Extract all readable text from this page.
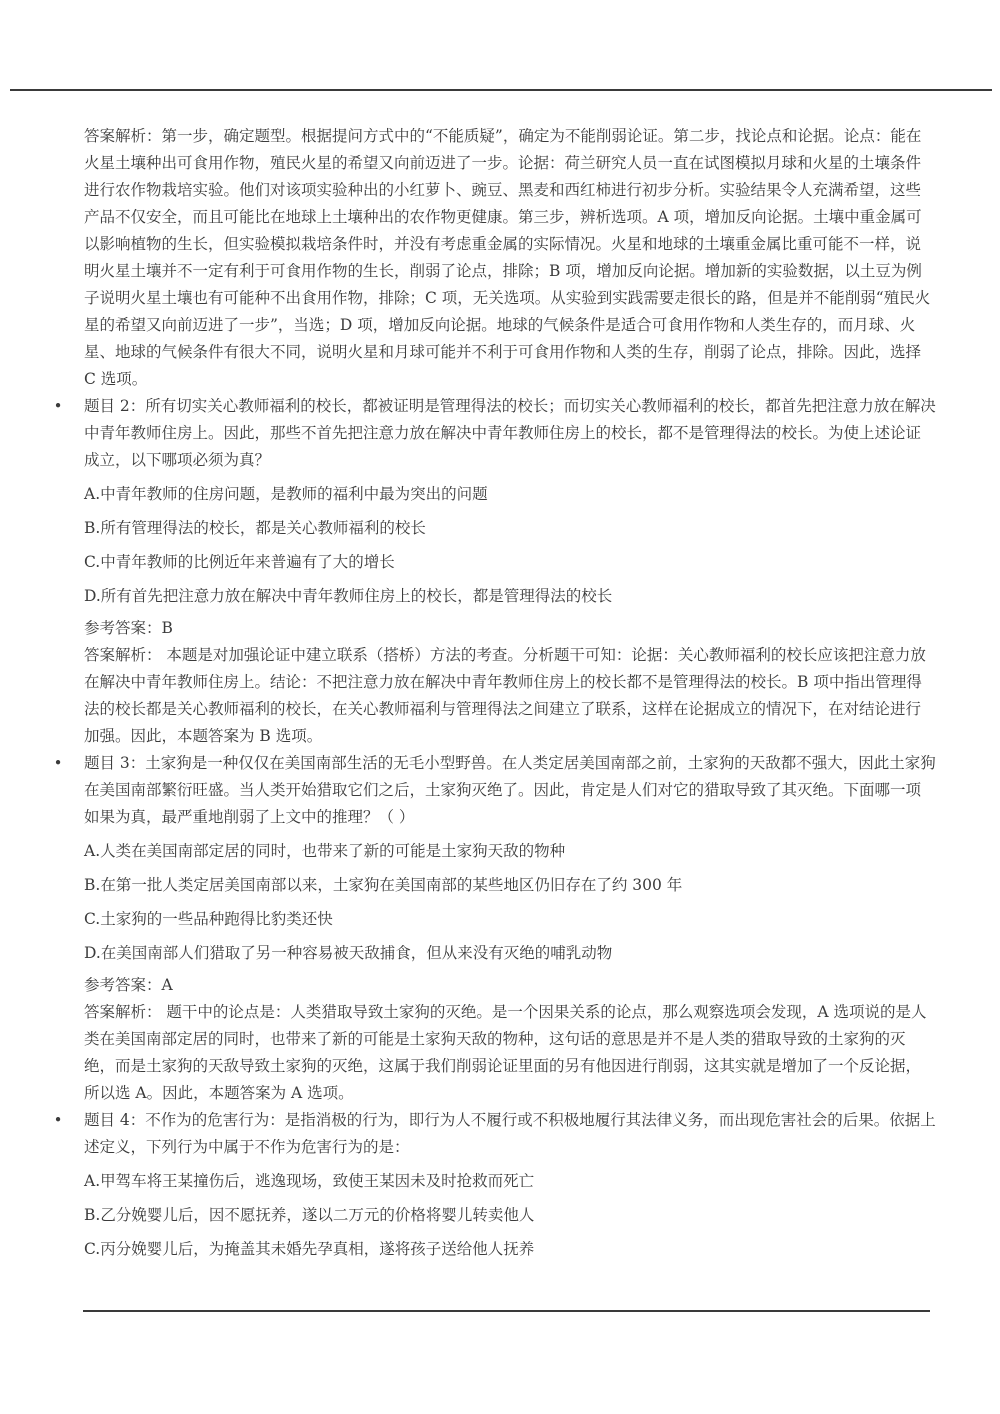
答案解析：第一步，确定题型。根据提问方式中的“不能质疑”，确定为不能削弱论证。第二步，找论点和论据。论点：能在火星土壤种出可食用作物，殖民火星的希望又向前迈进了一步。论据：荷兰研究人员一直在试图模拟月球和火星的土壤条件进行农作物栽培实验。他们对该项实验种出的小红萝卜、豌豆、黑麦和西红柿进行初步分析。实验结果令人充满希望，这些产品不仅安全，而且可能比在地球上土壤种出的农作物更健康。第三步，辨析选项。A 项，增加反向论据。土壤中重金属可以影响植物的生长，但实验模拟栽培条件时，并没有考虑重金属的实际情况。火星和地球的土壤重金属比重可能不一样，说明火星土壤并不一定有利于可食用作物的生长，削弱了论点，排除；B 项，增加反向论据。增加新的实验数据，以土豆为例子说明火星土壤也有可能种不出食用作物，排除；C 项，无关选项。从实验到实践需要走很长的路，但是并不能削弱“殖民火星的希望又向前迈进了一步”，当选；D 项，增加反向论据。地球的气候条件是适合可食用作物和人类生存的，而月球、火星、地球的气候条件有很大不同，说明火星和月球可能并不利于可食用作物和人类的生存，削弱了论点，排除。因此，选择 C 选项。

• 题目 2：所有切实关心教师福利的校长，都被证明是管理得法的校长；而切实关心教师福利的校长，都首先把注意力放在解决中青年教师住房上。因此，那些不首先把注意力放在解决中青年教师住房上的校长，都不是管理得法的校长。为使上述论证成立，以下哪项必须为真？

A.中青年教师的住房问题，是教师的福利中最为突出的问题

B.所有管理得法的校长，都是关心教师福利的校长

C.中青年教师的比例近年来普遍有了大的增长

D.所有首先把注意力放在解决中青年教师住房上的校长，都是管理得法的校长

参考答案：B

答案解析： 本题是对加强论证中建立联系（搭桥）方法的考查。分析题干可知：论据：关心教师福利的校长应该把注意力放在解决中青年教师住房上。结论：不把注意力放在解决中青年教师住房上的校长都不是管理得法的校长。B 项中指出管理得法的校长都是关心教师福利的校长，在关心教师福利与管理得法之间建立了联系，这样在论据成立的情况下，在对结论进行加强。因此，本题答案为 B 选项。

• 题目 3：土家狗是一种仅仅在美国南部生活的无毛小型野兽。在人类定居美国南部之前，土家狗的天敌都不强大，因此土家狗在美国南部繁衍旺盛。当人类开始猎取它们之后，土家狗灭绝了。因此，肯定是人们对它的猎取导致了其灭绝。下面哪一项如果为真，最严重地削弱了上文中的推理？（ ）

A.人类在美国南部定居的同时，也带来了新的可能是土家狗天敌的物种

B.在第一批人类定居美国南部以来，土家狗在美国南部的某些地区仍旧存在了约 300 年

C.土家狗的一些品种跑得比豹类还快

D.在美国南部人们猎取了另一种容易被天敌捕食，但从来没有灭绝的哺乳动物

参考答案：A

答案解析： 题干中的论点是：人类猎取导致土家狗的灭绝。是一个因果关系的论点，那么观察选项会发现，A 选项说的是人类在美国南部定居的同时，也带来了新的可能是土家狗天敌的物种，这句话的意思是并不是人类的猎取导致的土家狗的灭绝，而是土家狗的天敌导致土家狗的灭绝，这属于我们削弱论证里面的另有他因进行削弱，这其实就是增加了一个反论据，所以选 A。因此，本题答案为 A 选项。

• 题目 4：不作为的危害行为：是指消极的行为，即行为人不履行或不积极地履行其法律义务，而出现危害社会的后果。依据上述定义，下列行为中属于不作为危害行为的是：

A.甲驾车将王某撞伤后，逃逸现场，致使王某因未及时抢救而死亡

B.乙分娩婴儿后，因不愿抚养，遂以二万元的价格将婴儿转卖他人

C.丙分娩婴儿后，为掩盖其未婚先孕真相，遂将孩子送给他人抚养
